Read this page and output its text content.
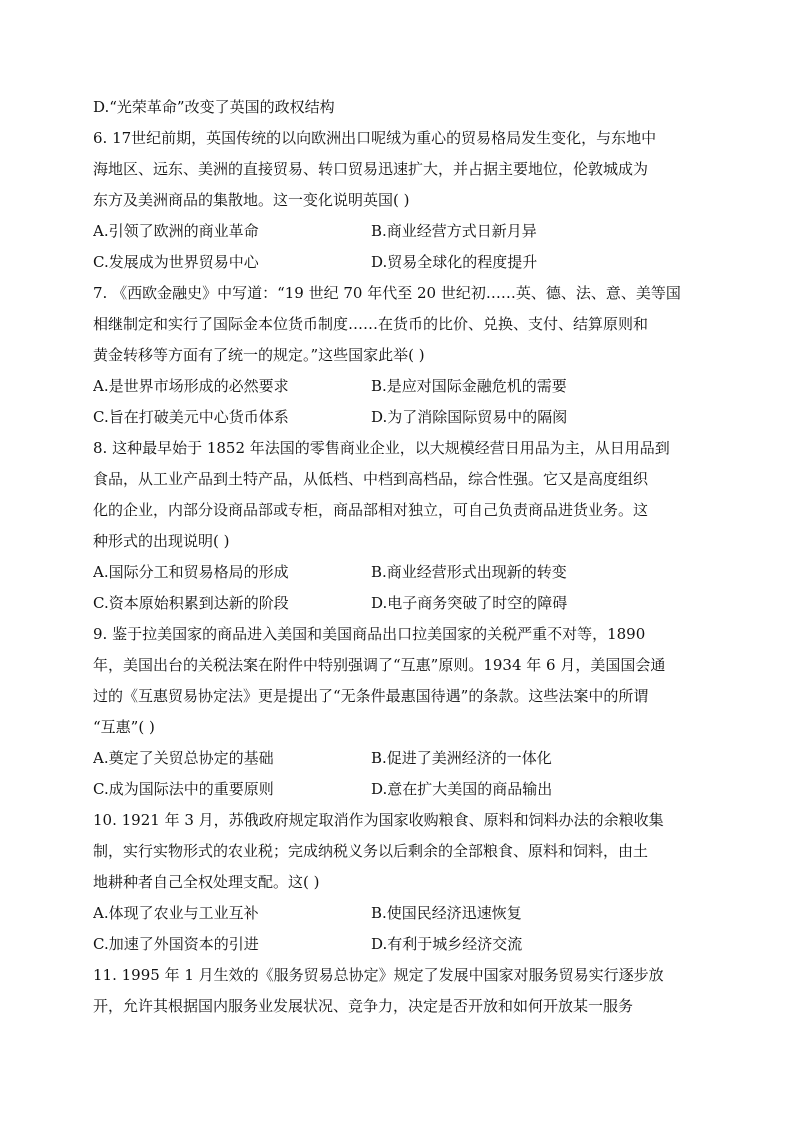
D.“光荣革命”改变了英国的政权结构
6. 17世纪前期，英国传统的以向欧洲出口呢绒为重心的贸易格局发生变化，与东地中
海地区、远东、美洲的直接贸易、转口贸易迅速扩大，并占据主要地位，伦敦城成为
东方及美洲商品的集散地。这一变化说明英国( )
A.引领了欧洲的商业革命	B.商业经营方式日新月异
C.发展成为世界贸易中心	D.贸易全球化的程度提升
7. 《西欧金融史》中写道：“19 世纪 70 年代至 20 世纪初……英、德、法、意、美等国
相继制定和实行了国际金本位货币制度……在货币的比价、兑换、支付、结算原则和
黄金转移等方面有了统一的规定。”这些国家此举( )
A.是世界市场形成的必然要求	B.是应对国际金融危机的需要
C.旨在打破美元中心货币体系	D.为了消除国际贸易中的隔阂
8. 这种最早始于 1852 年法国的零售商业企业，以大规模经营日用品为主，从日用品到
食品，从工业产品到土特产品，从低档、中档到高档品，综合性强。它又是高度组织
化的企业，内部分设商品部或专柜，商品部相对独立，可自己负责商品进货业务。这
种形式的出现说明( )
A.国际分工和贸易格局的形成	B.商业经营形式出现新的转变
C.资本原始积累到达新的阶段	D.电子商务突破了时空的障碍
9. 鉴于拉美国家的商品进入美国和美国商品出口拉美国家的关税严重不对等，1890
年，美国出台的关税法案在附件中特别强调了“互惠”原则。1934 年 6 月，美国国会通
过的《互惠贸易协定法》更是提出了“无条件最惠国待遇”的条款。这些法案中的所谓
“互惠”( )
A.奠定了关贸总协定的基础	B.促进了美洲经济的一体化
C.成为国际法中的重要原则	D.意在扩大美国的商品输出
10. 1921 年 3 月，苏俄政府规定取消作为国家收购粮食、原料和饲料办法的余粮收集
制，实行实物形式的农业税；完成纳税义务以后剩余的全部粮食、原料和饲料，由土
地耕种者自己全权处理支配。这( )
A.体现了农业与工业互补	B.使国民经济迅速恢复
C.加速了外国资本的引进	D.有利于城乡经济交流
11. 1995 年 1 月生效的《服务贸易总协定》规定了发展中国家对服务贸易实行逐步放
开，允许其根据国内服务业发展状况、竞争力，决定是否开放和如何开放某一服务
